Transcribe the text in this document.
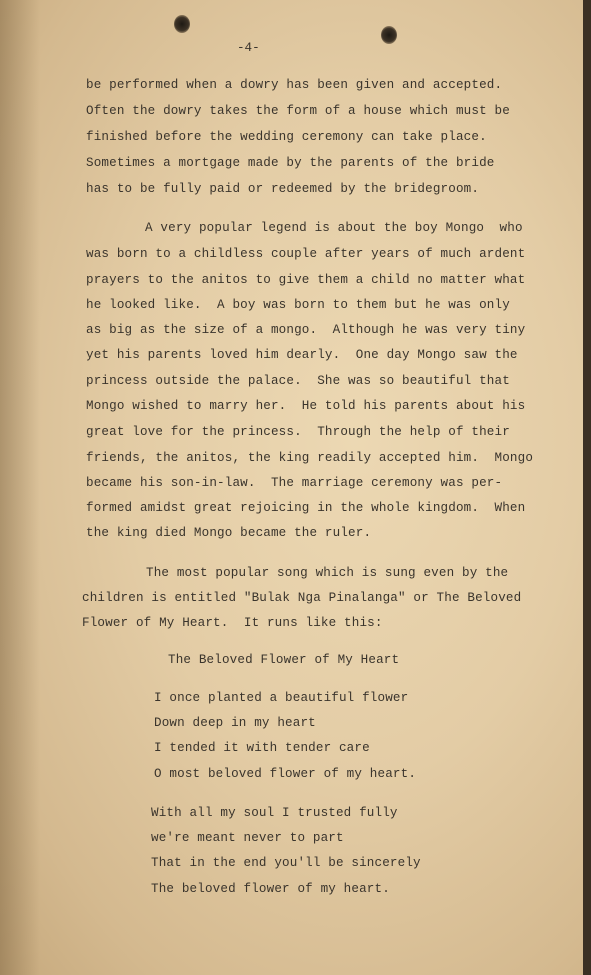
-4-
be performed when a dowry has been given and accepted.
Often the dowry takes the form of a house which must be
finished before the wedding ceremony can take place.
Sometimes a mortgage made by the parents of the bride
has to be fully paid or redeemed by the bridegroom.
A very popular legend is about the boy Mongo  who
was born to a childless couple after years of much ardent
prayers to the anitos to give them a child no matter what
he looked like.  A boy was born to them but he was only
as big as the size of a mongo.  Although he was very tiny
yet his parents loved him dearly.  One day Mongo saw the
princess outside the palace.  She was so beautiful that
Mongo wished to marry her.  He told his parents about his
great love for the princess.  Through the help of their
friends, the anitos, the king readily accepted him.  Mongo
became his son-in-law.  The marriage ceremony was per-
formed amidst great rejoicing in the whole kingdom.  When
the king died Mongo became the ruler.
The most popular song which is sung even by the
children is entitled "Bulak Nga Pinalanga" or The Beloved
Flower of My Heart.  It runs like this:
The Beloved Flower of My Heart
I once planted a beautiful flower
Down deep in my heart
I tended it with tender care
O most beloved flower of my heart.
With all my soul I trusted fully
we're meant never to part
That in the end you'll be sincerely
The beloved flower of my heart.
